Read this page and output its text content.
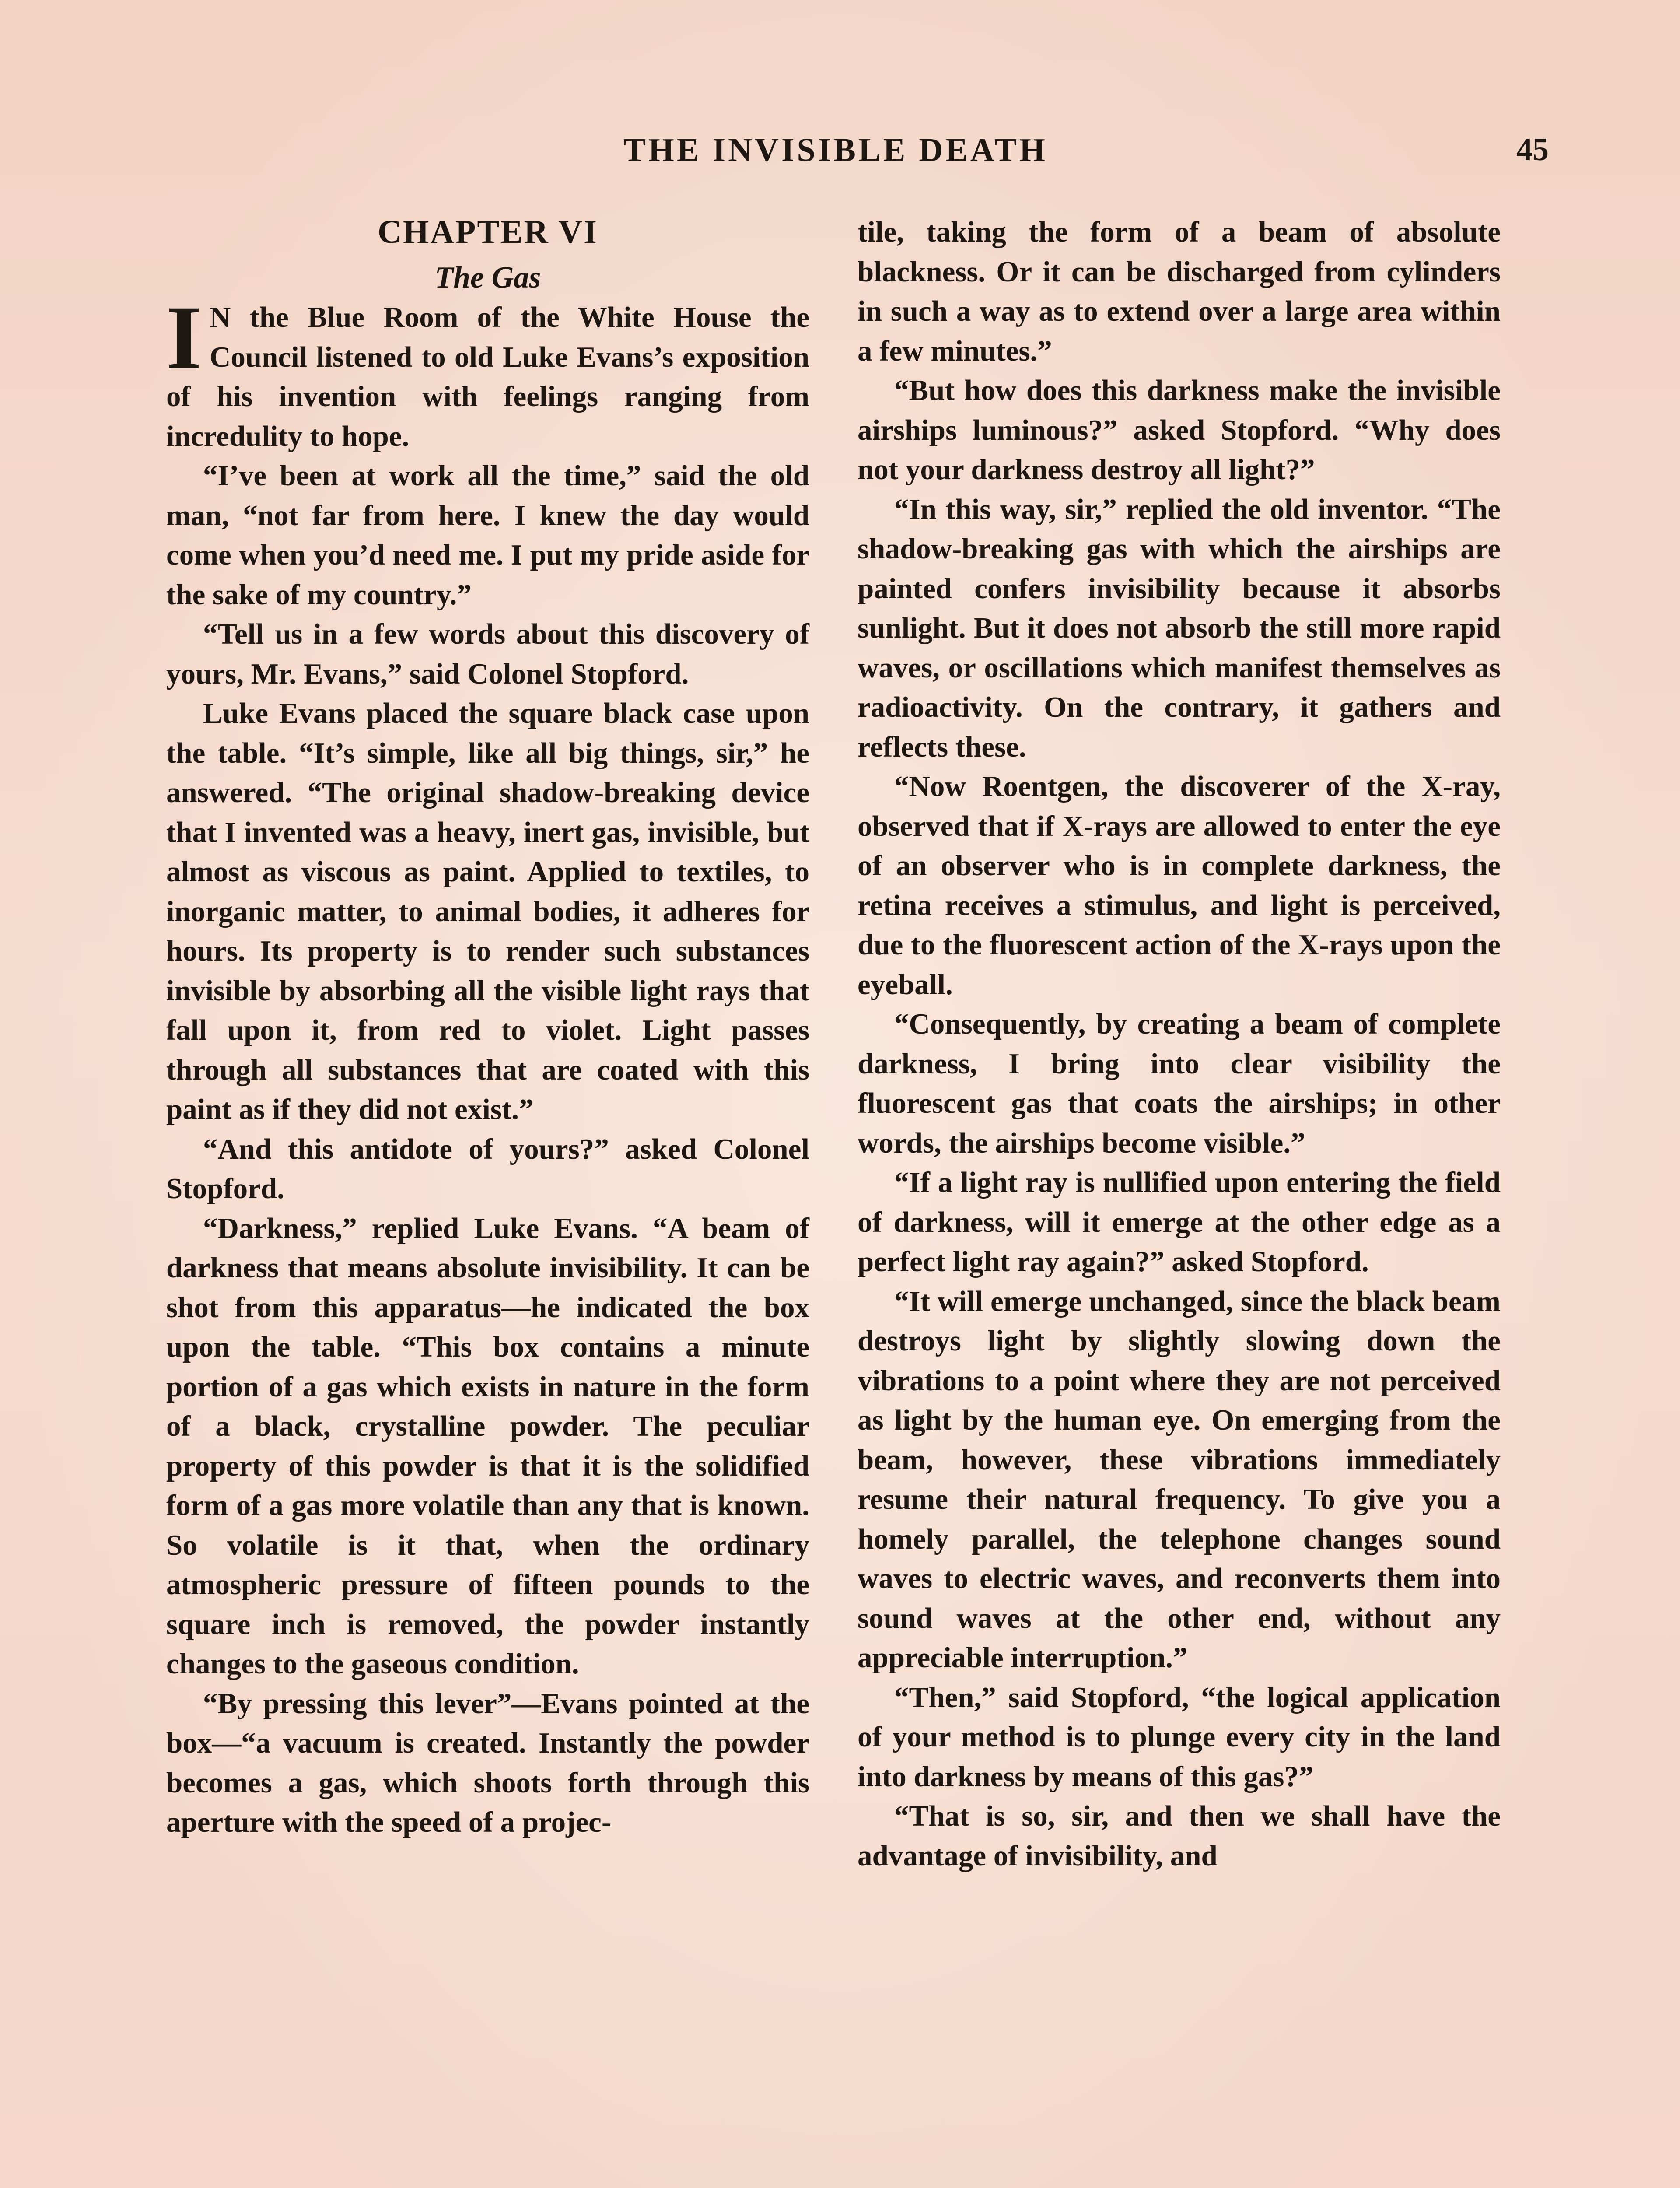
THE INVISIBLE DEATH	45
CHAPTER VI
The Gas

I N the Blue Room of the White House the Council listened to old Luke Evans’s exposition of his invention with feelings ranging from incredulity to hope.

“I’ve been at work all the time,” said the old man, “not far from here. I knew the day would come when you’d need me. I put my pride aside for the sake of my country.”

“Tell us in a few words about this discovery of yours, Mr. Evans,” said Colonel Stopford.

Luke Evans placed the square black case upon the table. “It’s simple, like all big things, sir,” he answered. “The original shadow-breaking device that I invented was a heavy, inert gas, invisible, but almost as viscous as paint. Applied to textiles, to inorganic matter, to animal bodies, it adheres for hours. Its property is to render such substances invisible by absorbing all the visible light rays that fall upon it, from red to violet. Light passes through all substances that are coated with this paint as if they did not exist.”

“And this antidote of yours?” asked Colonel Stopford.

“Darkness,” replied Luke Evans. “A beam of darkness that means absolute invisibility. It can be shot from this apparatus—he indicated the box upon the table. “This box contains a minute portion of a gas which exists in nature in the form of a black, crystalline powder. The peculiar property of this powder is that it is the solidified form of a gas more volatile than any that is known. So volatile is it that, when the ordinary atmospheric pressure of fifteen pounds to the square inch is removed, the powder instantly changes to the gaseous condition.

“By pressing this lever”—Evans pointed at the box—“a vacuum is created. Instantly the powder becomes a gas, which shoots forth through this aperture with the speed of a projec-

tile, taking the form of a beam of absolute blackness. Or it can be discharged from cylinders in such a way as to extend over a large area within a few minutes.”

“But how does this darkness make the invisible airships luminous?” asked Stopford. “Why does not your darkness destroy all light?”

“In this way, sir,” replied the old inventor. “The shadow-breaking gas with which the airships are painted confers invisibility because it absorbs sunlight. But it does not absorb the still more rapid waves, or oscillations which manifest themselves as radioactivity. On the contrary, it gathers and reflects these.

“Now Roentgen, the discoverer of the X-ray, observed that if X-rays are allowed to enter the eye of an observer who is in complete darkness, the retina receives a stimulus, and light is perceived, due to the fluorescent action of the X-rays upon the eyeball.

“Consequently, by creating a beam of complete darkness, I bring into clear visibility the fluorescent gas that coats the airships; in other words, the airships become visible.”

“If a light ray is nullified upon entering the field of darkness, will it emerge at the other edge as a perfect light ray again?” asked Stopford.

“It will emerge unchanged, since the black beam destroys light by slightly slowing down the vibrations to a point where they are not perceived as light by the human eye. On emerging from the beam, however, these vibrations immediately resume their natural frequency. To give you a homely parallel, the telephone changes sound waves to electric waves, and reconverts them into sound waves at the other end, without any appreciable interruption.”

“Then,” said Stopford, “the logical application of your method is to plunge every city in the land into darkness by means of this gas?”

“That is so, sir, and then we shall have the advantage of invisibility, and
